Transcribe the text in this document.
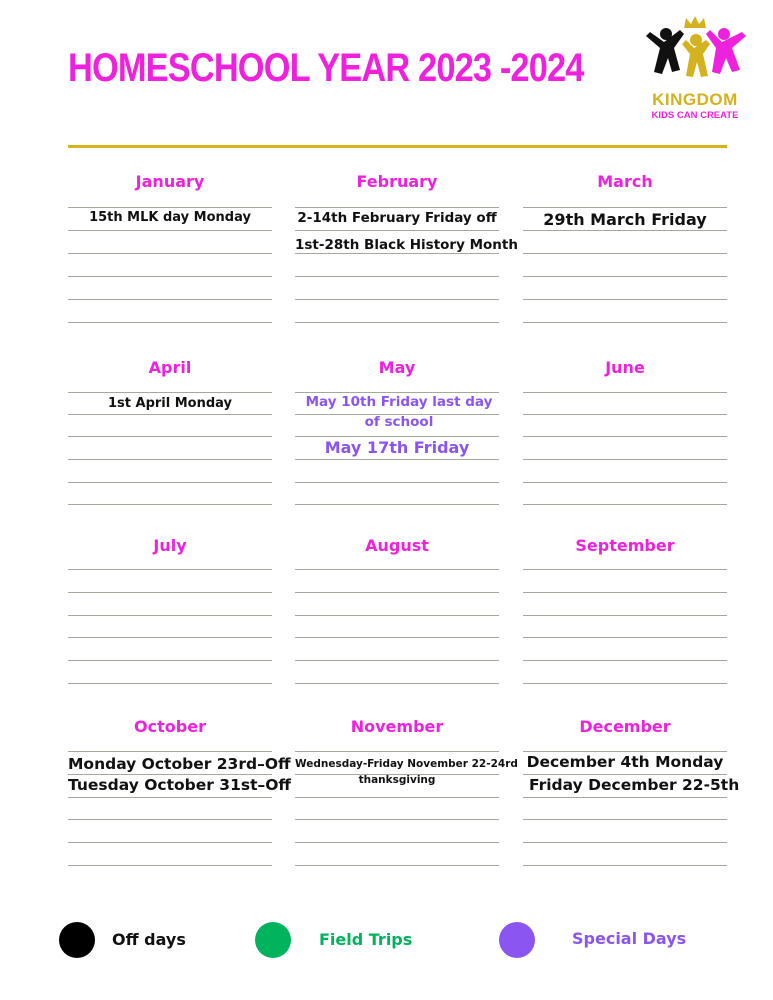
HOMESCHOOL YEAR 2023 -2024
KINGDOM
KIDS CAN CREATE
January
15th MLK day Monday
February
2-14th February Friday off
1st-28th Black History Month
March
29th March Friday
April
1st April Monday
May
May 10th Friday last day of school
May 17th Friday
June
July	August	September
October
Monday October 23rd–Off
Tuesday October 31st–Off
November
Wednesday-Friday November 22-24rd
thanksgiving
December
December 4th Monday
Friday December 22-5th
Off days	Field Trips	Special Days
